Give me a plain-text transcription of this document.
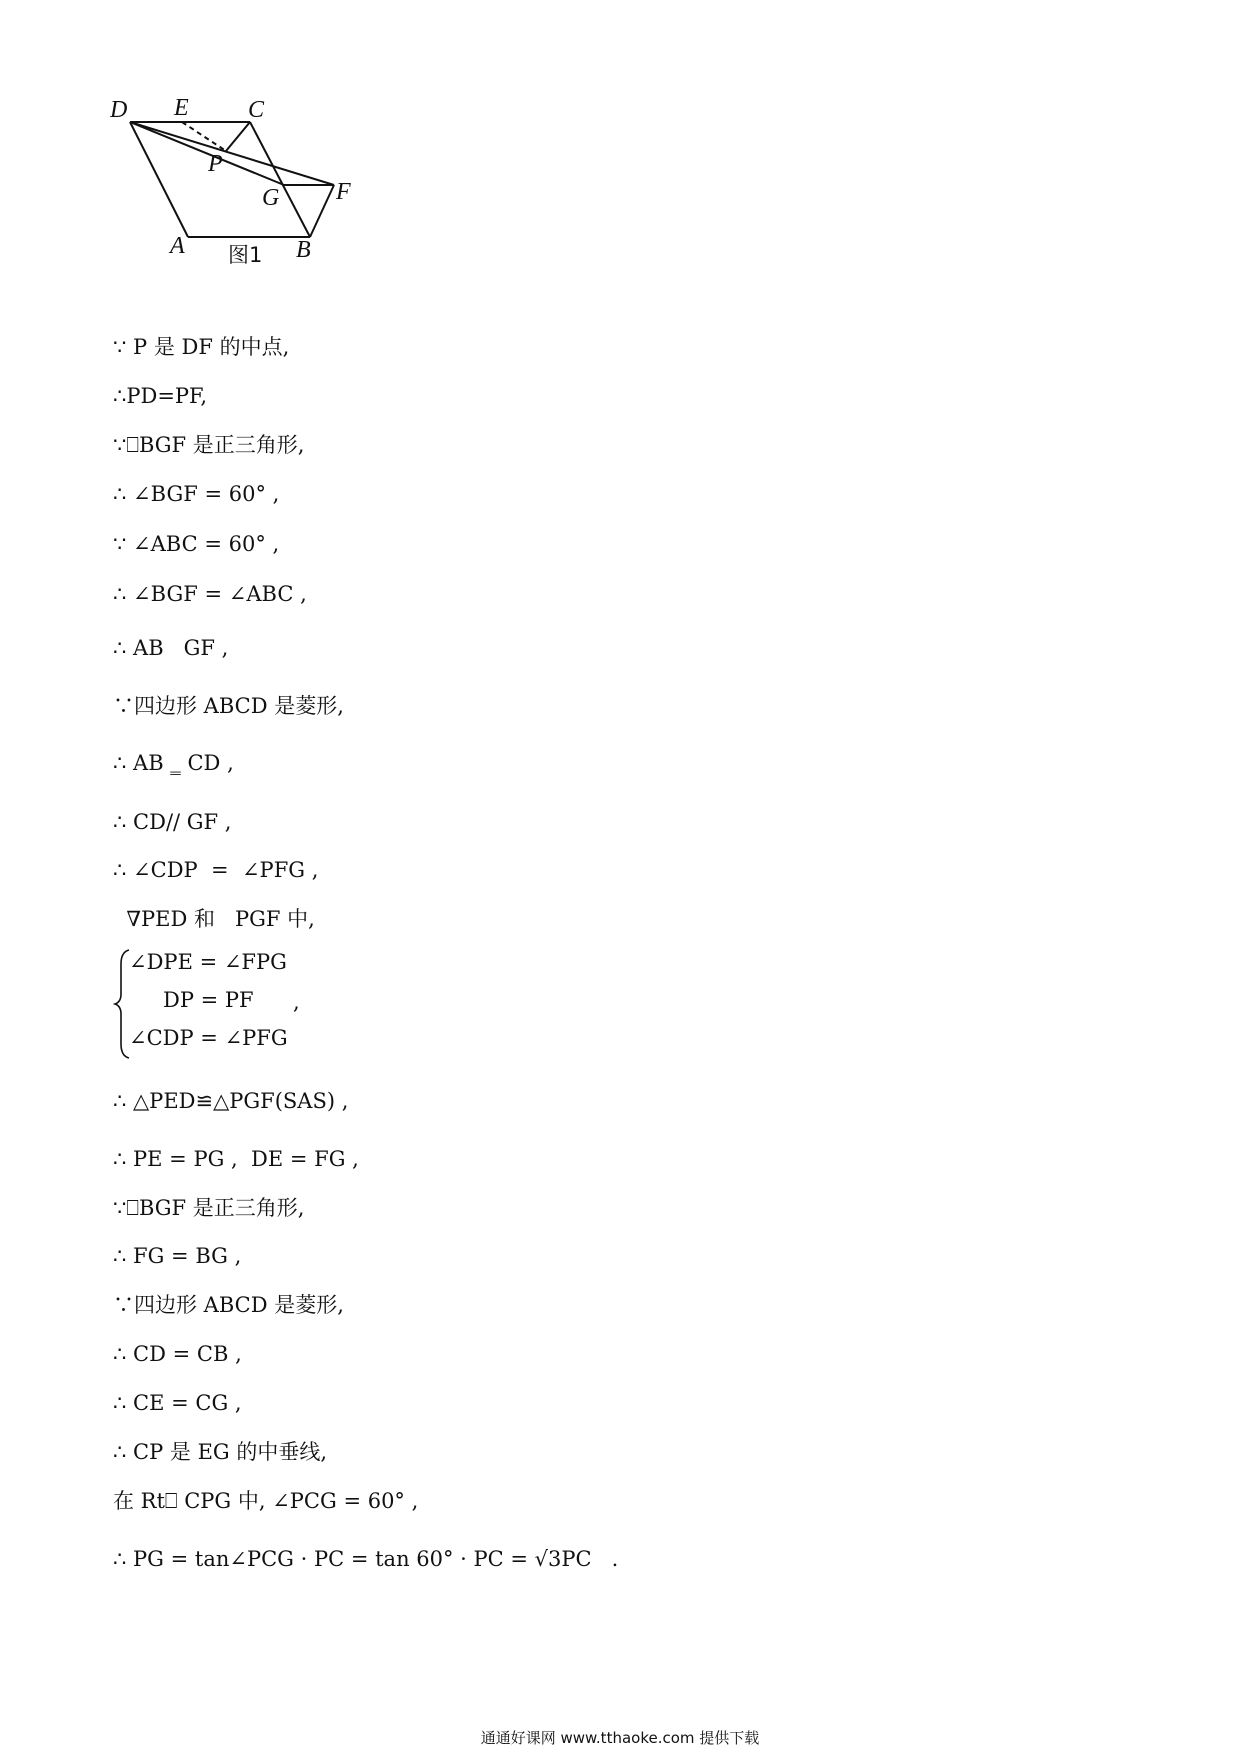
D E C
P
G F
A	B
图1
∵ P 是 DF 的中点,
∴PD=PF,
∵⎕BGF 是正三角形,
∴ ∠BGF = 60° ,
∵ ∠ABC = 60° ,
∴ ∠BGF = ∠ABC ,
∴ AB   GF ,
∵四边形 ABCD 是菱形,
∴ AB ‗ CD ,
∴ CD// GF ,
∴ ∠CDP  =  ∠PFG ,
∇PED 和   PGF 中,
∠DPE = ∠FPG
DP = PF ,
∠CDP = ∠PFG
∴ △PED≌△PGF(SAS) ,
∴ PE = PG ,  DE = FG ,
∵⎕BGF 是正三角形,
∴ FG = BG ,
∵四边形 ABCD 是菱形,
∴ CD = CB ,
∴ CE = CG ,
∴ CP 是 EG 的中垂线,
在 Rt⎕ CPG 中, ∠PCG = 60° ,
∴ PG = tan∠PCG · PC = tan 60° · PC = √3PC   .
通通好课网 www.tthaoke.com 提供下载
